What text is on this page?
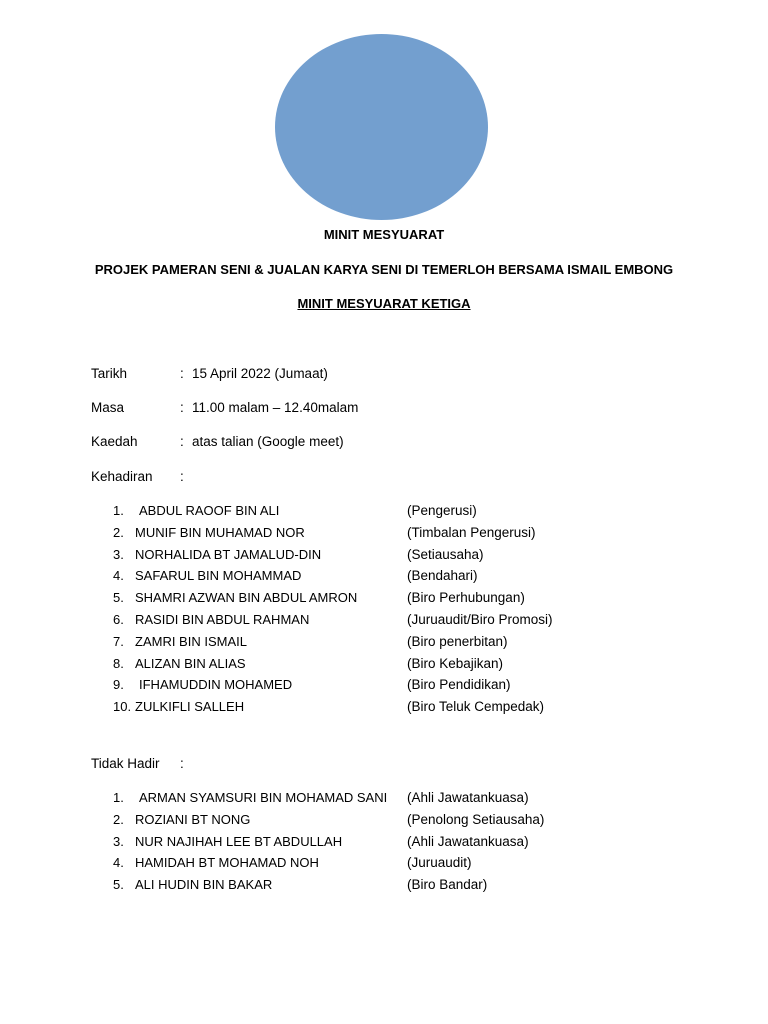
MINIT MESYUARAT
PROJEK PAMERAN SENI & JUALAN KARYA SENI DI TEMERLOH BERSAMA ISMAIL EMBONG
MINIT MESYUARAT KETIGA
Tarikh	: 15 April 2022 (Jumaat)
Masa	: 11.00 malam – 12.40malam
Kaedah	: atas talian (Google meet)
Kehadiran	:
1. ABDUL RAOOF BIN ALI	(Pengerusi)
2. MUNIF BIN MUHAMAD NOR	(Timbalan Pengerusi)
3. NORHALIDA BT JAMALUD-DIN	(Setiausaha)
4. SAFARUL BIN MOHAMMAD	(Bendahari)
5. SHAMRI AZWAN BIN ABDUL AMRON	(Biro Perhubungan)
6. RASIDI BIN ABDUL RAHMAN	(Juruaudit/Biro Promosi)
7. ZAMRI BIN ISMAIL	(Biro penerbitan)
8. ALIZAN BIN ALIAS	(Biro Kebajikan)
9. IFHAMUDDIN MOHAMED	(Biro Pendidikan)
10. ZULKIFLI SALLEH	(Biro Teluk Cempedak)
Tidak Hadir	:
1. ARMAN SYAMSURI BIN MOHAMAD SANI (Ahli Jawatankuasa)
2. ROZIANI BT NONG	(Penolong Setiausaha)
3. NUR NAJIHAH LEE BT ABDULLAH	(Ahli Jawatankuasa)
4. HAMIDAH BT MOHAMAD NOH	(Juruaudit)
5. ALI HUDIN BIN BAKAR	(Biro Bandar)
